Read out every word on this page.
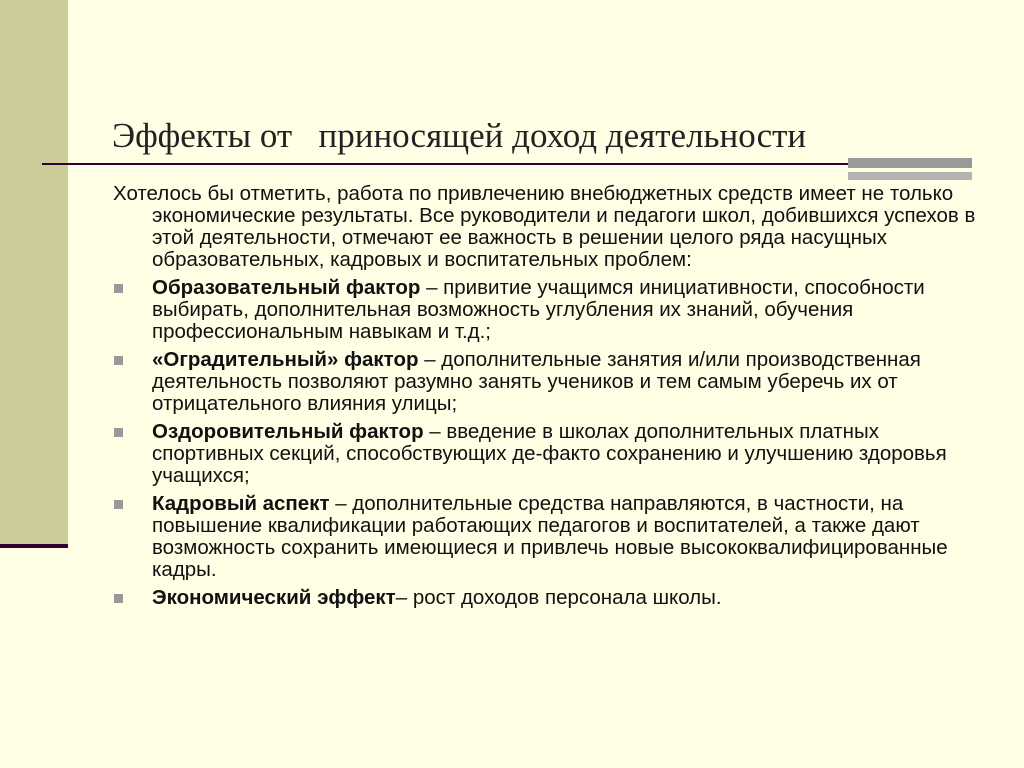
Эффекты от   приносящей доход деятельности

Хотелось бы отметить, работа по привлечению внебюджетных средств имеет не только экономические результаты. Все руководители и педагоги школ, добившихся успехов в этой деятельности, отмечают ее важность в решении целого ряда насущных образовательных, кадровых и воспитательных проблем:

Образовательный фактор – привитие учащимся инициативности, способности выбирать, дополнительная возможность углубления их знаний, обучения профессиональным навыкам и т.д.;
«Оградительный» фактор – дополнительные занятия и/или производственная деятельность позволяют разумно занять учеников и тем самым уберечь их от отрицательного влияния улицы;
Оздоровительный фактор – введение в школах дополнительных платных спортивных секций, способствующих де-факто сохранению и улучшению здоровья учащихся;
Кадровый аспект – дополнительные средства направляются, в частности, на повышение квалификации работающих педагогов и воспитателей, а также дают возможность сохранить имеющиеся и привлечь новые высококвалифицированные кадры.
Экономический эффект– рост доходов персонала школы.
